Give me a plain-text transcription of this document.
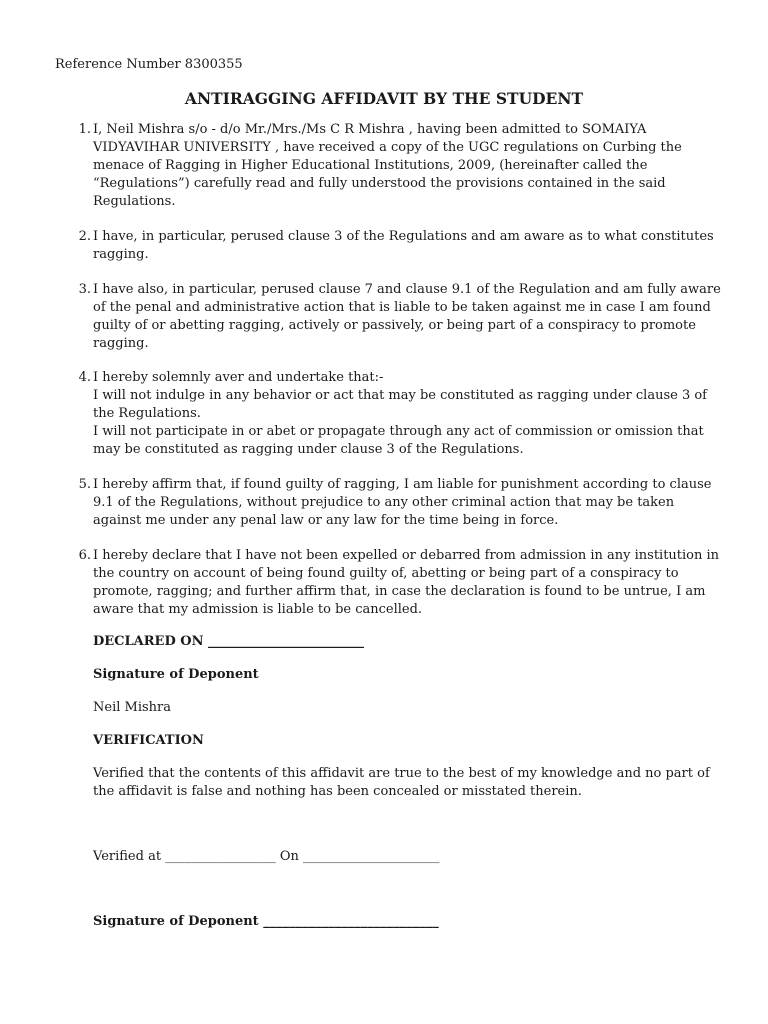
Reference Number 8300355
ANTIRAGGING AFFIDAVIT BY THE STUDENT
1. I, Neil Mishra s/o - d/o Mr./Mrs./Ms C R Mishra , having been admitted to SOMAIYA
VIDYAVIHAR UNIVERSITY , have received a copy of the UGC regulations on Curbing the
menace of Ragging in Higher Educational Institutions, 2009, (hereinafter called the
“Regulations”) carefully read and fully understood the provisions contained in the said
Regulations.
2. I have, in particular, perused clause 3 of the Regulations and am aware as to what constitutes
ragging.
3. I have also, in particular, perused clause 7 and clause 9.1 of the Regulation and am fully aware
of the penal and administrative action that is liable to be taken against me in case I am found
guilty of or abetting ragging, actively or passively, or being part of a conspiracy to promote
ragging.
4. I hereby solemnly aver and undertake that:-
I will not indulge in any behavior or act that may be constituted as ragging under clause 3 of
the Regulations.
I will not participate in or abet or propagate through any act of commission or omission that
may be constituted as ragging under clause 3 of the Regulations.
5. I hereby affirm that, if found guilty of ragging, I am liable for punishment according to clause
9.1 of the Regulations, without prejudice to any other criminal action that may be taken
against me under any penal law or any law for the time being in force.
6. I hereby declare that I have not been expelled or debarred from admission in any institution in
the country on account of being found guilty of, abetting or being part of a conspiracy to
promote, ragging; and further affirm that, in case the declaration is found to be untrue, I am
aware that my admission is liable to be cancelled.
DECLARED ON ________________________
Signature of Deponent
Neil Mishra
VERIFICATION
Verified that the contents of this affidavit are true to the best of my knowledge and no part of
the affidavit is false and nothing has been concealed or misstated therein.
Verified at _________________ On _____________________
Signature of Deponent ___________________________
